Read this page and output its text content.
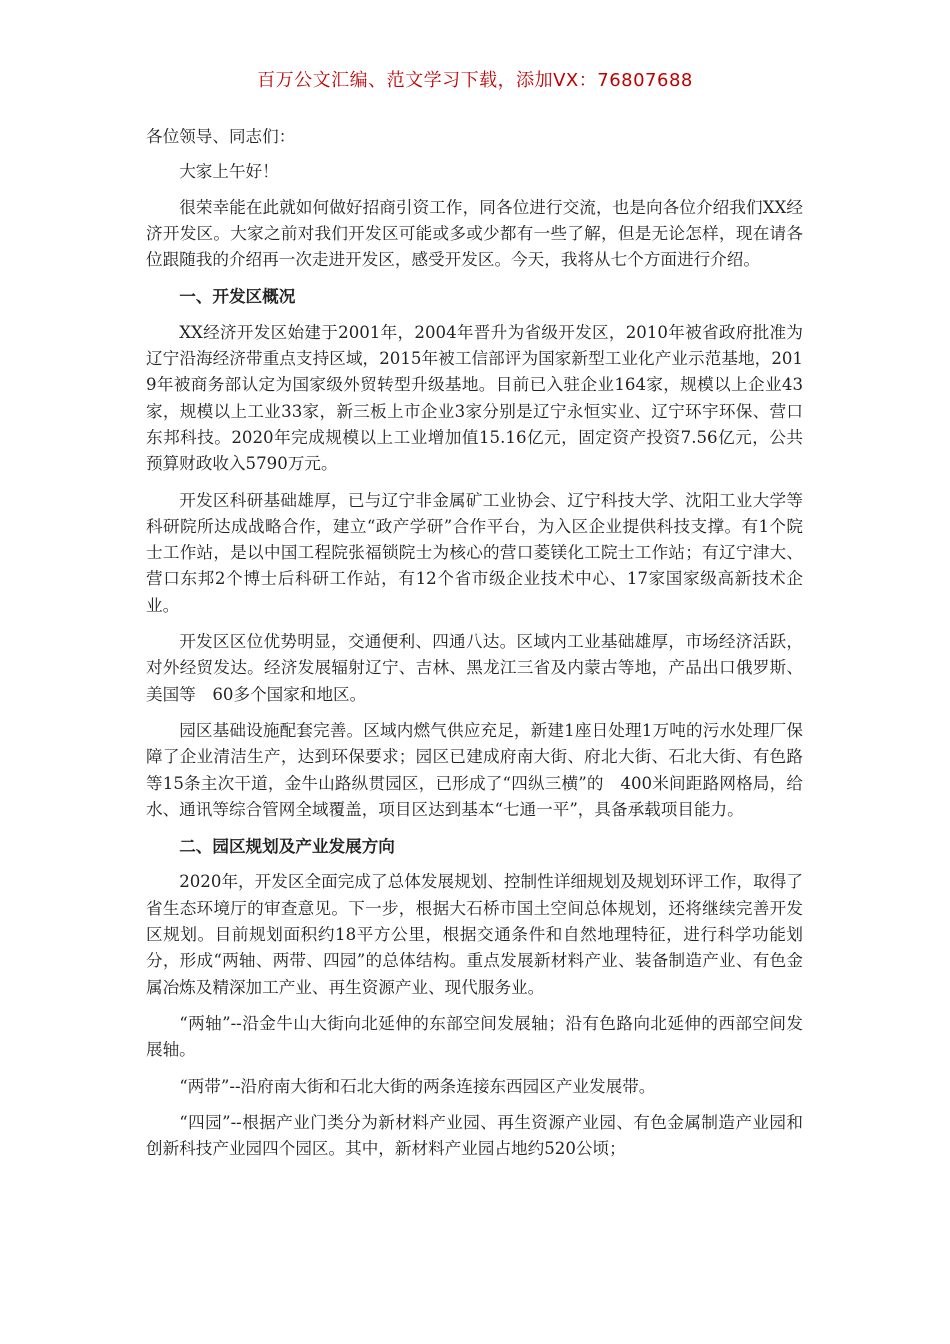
百万公文汇编、范文学习下载，添加VX：76807688

各位领导、同志们：

大家上午好！

很荣幸能在此就如何做好招商引资工作，同各位进行交流，也是向各位介绍我们XX经济开发区。大家之前对我们开发区可能或多或少都有一些了解，但是无论怎样，现在请各位跟随我的介绍再一次走进开发区，感受开发区。今天，我将从七个方面进行介绍。

一、开发区概况

XX经济开发区始建于2001年，2004年晋升为省级开发区，2010年被省政府批准为辽宁沿海经济带重点支持区域，2015年被工信部评为国家新型工业化产业示范基地，2019年被商务部认定为国家级外贸转型升级基地。目前已入驻企业164家，规模以上企业43家，规模以上工业33家，新三板上市企业3家分别是辽宁永恒实业、辽宁环宇环保、营口东邦科技。2020年完成规模以上工业增加值15.16亿元，固定资产投资7.56亿元，公共预算财政收入5790万元。

开发区科研基础雄厚，已与辽宁非金属矿工业协会、辽宁科技大学、沈阳工业大学等科研院所达成战略合作，建立“政产学研”合作平台，为入区企业提供科技支撑。有1个院士工作站，是以中国工程院张福锁院士为核心的营口菱镁化工院士工作站；有辽宁津大、营口东邦2个博士后科研工作站，有12个省市级企业技术中心、17家国家级高新技术企业。

开发区区位优势明显，交通便利、四通八达。区域内工业基础雄厚，市场经济活跃，对外经贸发达。经济发展辐射辽宁、吉林、黑龙江三省及内蒙古等地，产品出口俄罗斯、美国等　60多个国家和地区。

园区基础设施配套完善。区域内燃气供应充足，新建1座日处理1万吨的污水处理厂保障了企业清洁生产，达到环保要求；园区已建成府南大街、府北大街、石北大街、有色路等15条主次干道，金牛山路纵贯园区，已形成了“四纵三横”的　400米间距路网格局，给水、通讯等综合管网全域覆盖，项目区达到基本“七通一平”，具备承载项目能力。

二、园区规划及产业发展方向

2020年，开发区全面完成了总体发展规划、控制性详细规划及规划环评工作，取得了省生态环境厅的审查意见。下一步，根据大石桥市国土空间总体规划，还将继续完善开发区规划。目前规划面积约18平方公里，根据交通条件和自然地理特征，进行科学功能划分，形成“两轴、两带、四园”的总体结构。重点发展新材料产业、装备制造产业、有色金属冶炼及精深加工产业、再生资源产业、现代服务业。

“两轴”--沿金牛山大街向北延伸的东部空间发展轴；沿有色路向北延伸的西部空间发展轴。

“两带”--沿府南大街和石北大街的两条连接东西园区产业发展带。

“四园”--根据产业门类分为新材料产业园、再生资源产业园、有色金属制造产业园和创新科技产业园四个园区。其中，新材料产业园占地约520公顷；
